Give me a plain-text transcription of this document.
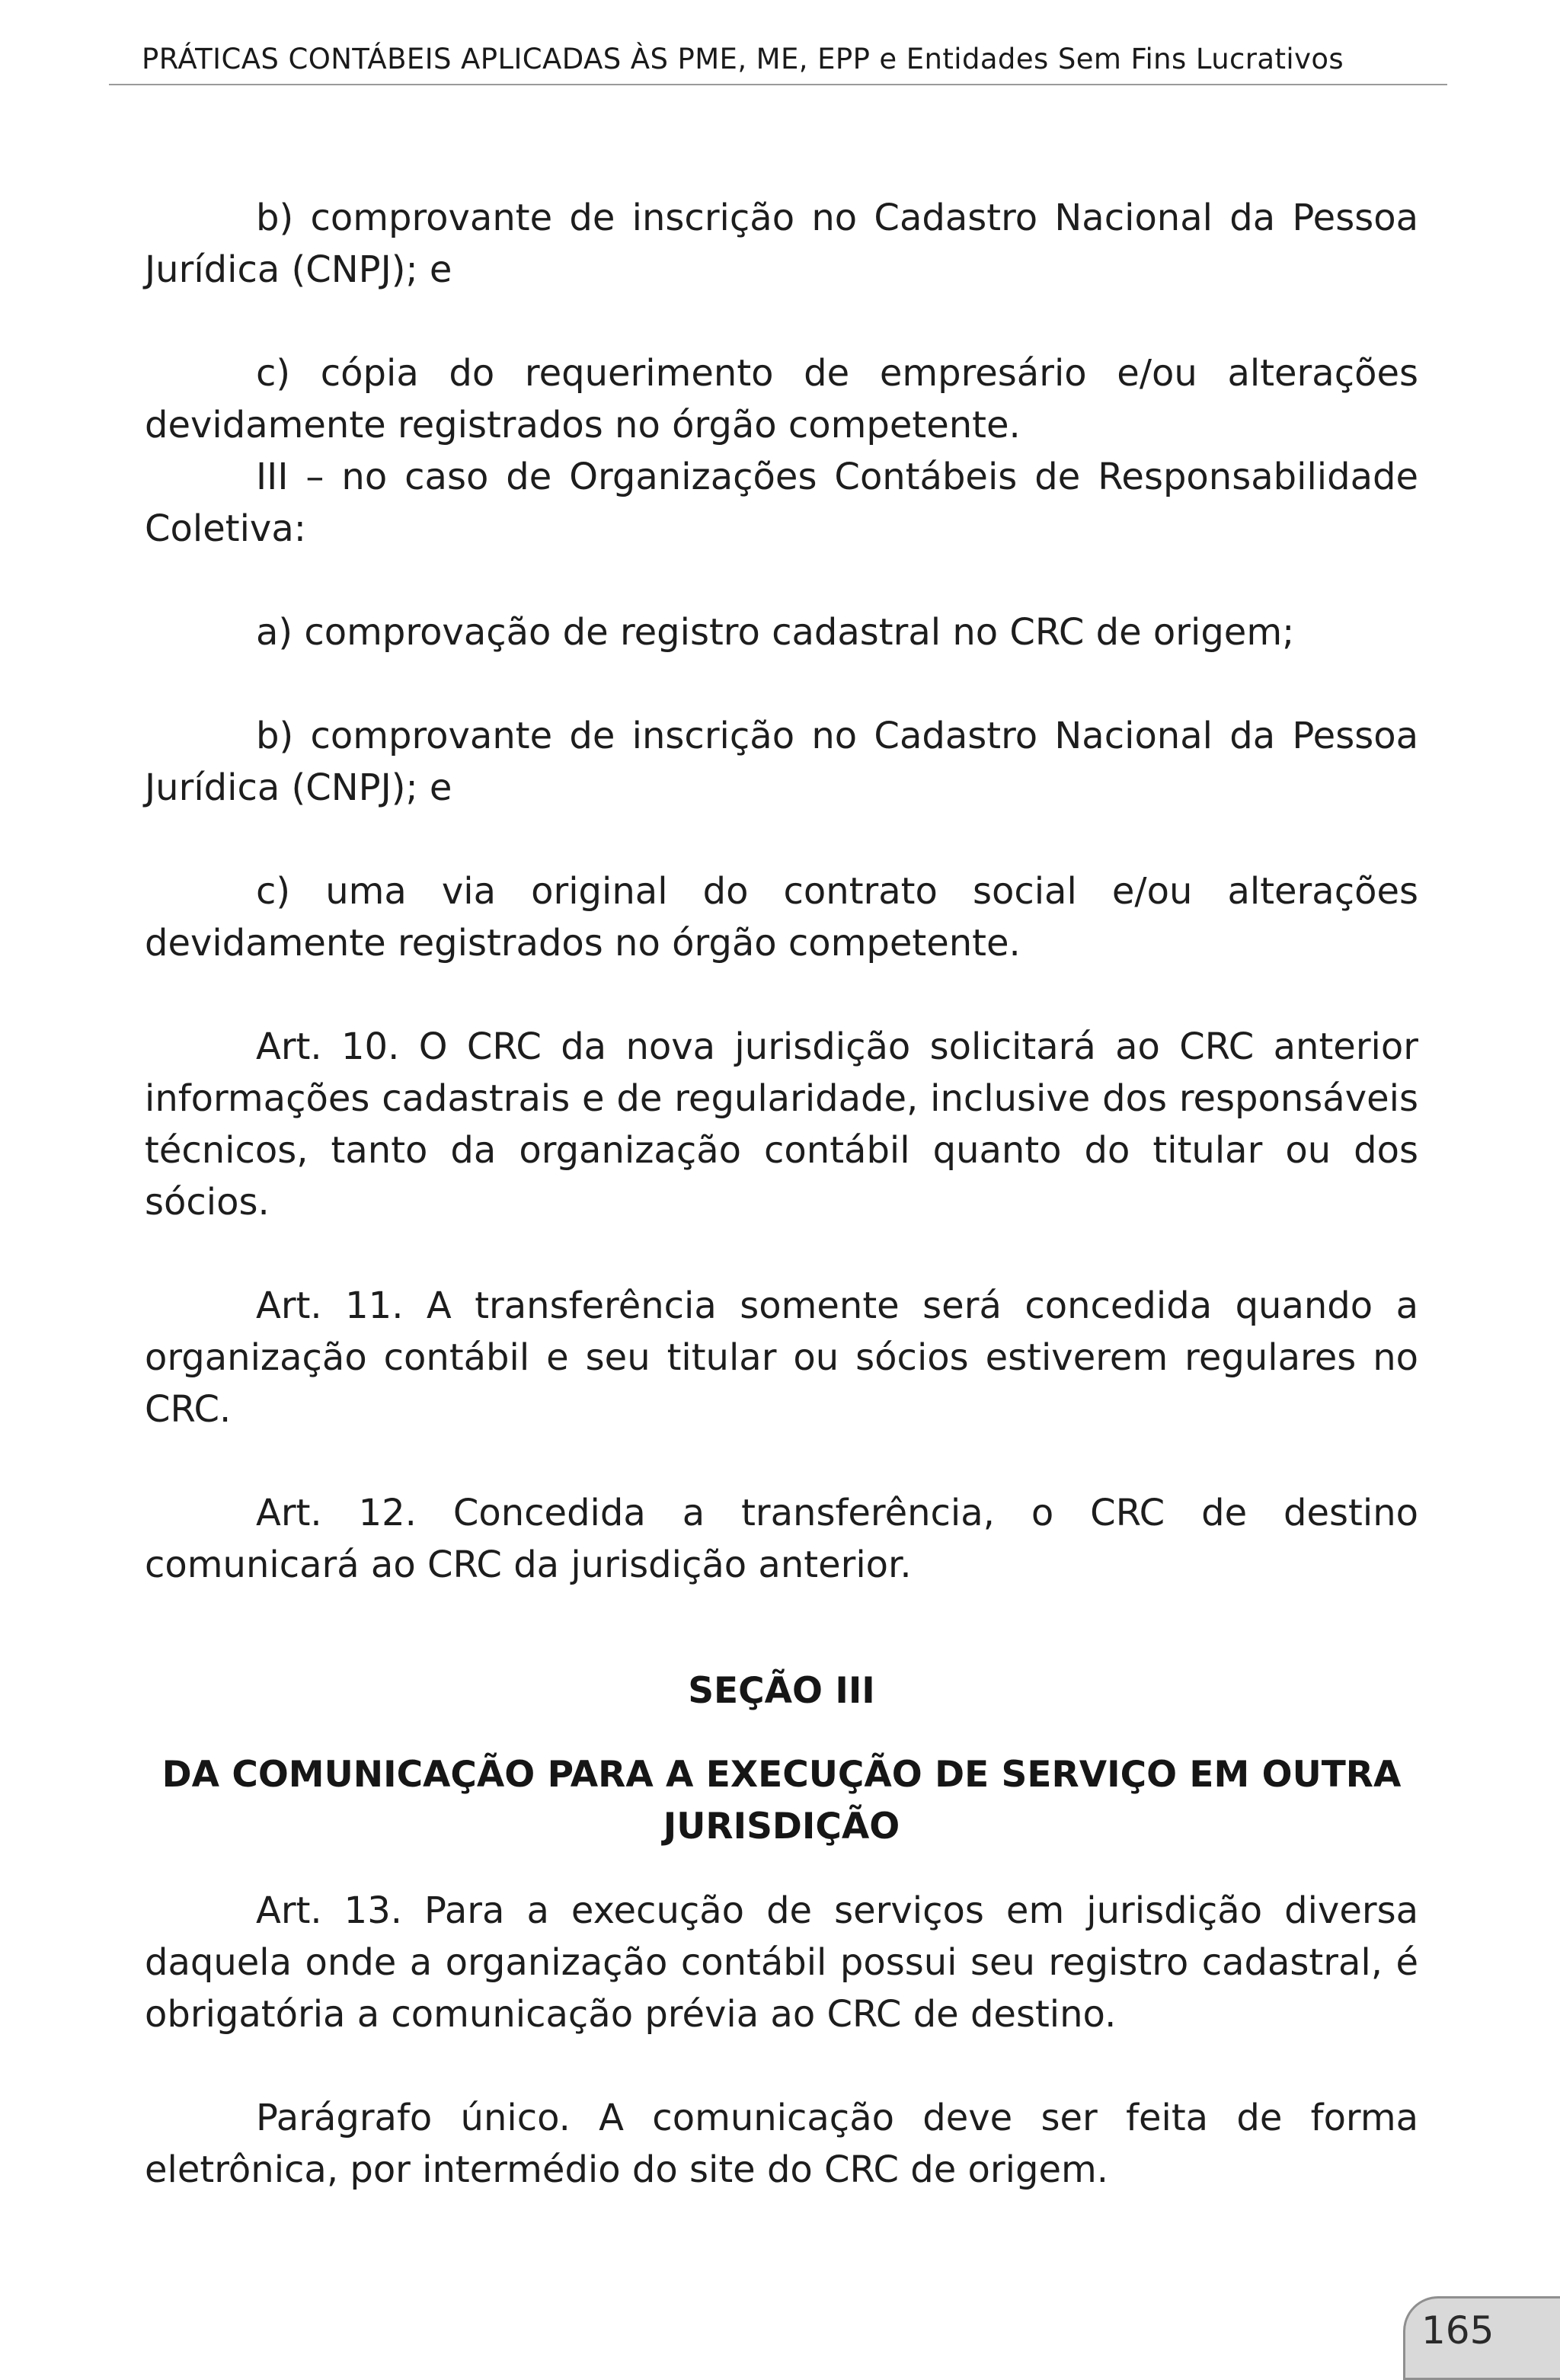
PRÁTICAS CONTÁBEIS APLICADAS ÀS PME, ME, EPP e Entidades Sem Fins Lucrativos

b) comprovante de inscrição no Cadastro Nacional da Pessoa Jurídica (CNPJ); e

c) cópia do requerimento de empresário e/ou alterações devidamente registrados no órgão competente.

III – no caso de Organizações Contábeis de Responsabilidade Coletiva:

a) comprovação de registro cadastral no CRC de origem;

b) comprovante de inscrição no Cadastro Nacional da Pessoa Jurídica (CNPJ); e

c) uma via original do contrato social e/ou alterações devidamente registrados no órgão competente.

Art. 10. O CRC da nova jurisdição solicitará ao CRC anterior informações cadastrais e de regularidade, inclusive dos responsáveis técnicos, tanto da organização contábil quanto do titular ou dos sócios.

Art. 11. A transferência somente será concedida quando a organização contábil e seu titular ou sócios estiverem regulares no CRC.

Art. 12. Concedida a transferência, o CRC de destino comunicará ao CRC da jurisdição anterior.

SEÇÃO III

DA COMUNICAÇÃO PARA A EXECUÇÃO DE SERVIÇO EM OUTRA JURISDIÇÃO

Art. 13. Para a execução de serviços em jurisdição diversa daquela onde a organização contábil possui seu registro cadastral, é obrigatória a comunicação prévia ao CRC de destino.

Parágrafo único. A comunicação deve ser feita de forma eletrônica, por intermédio do site do CRC de origem.

165
